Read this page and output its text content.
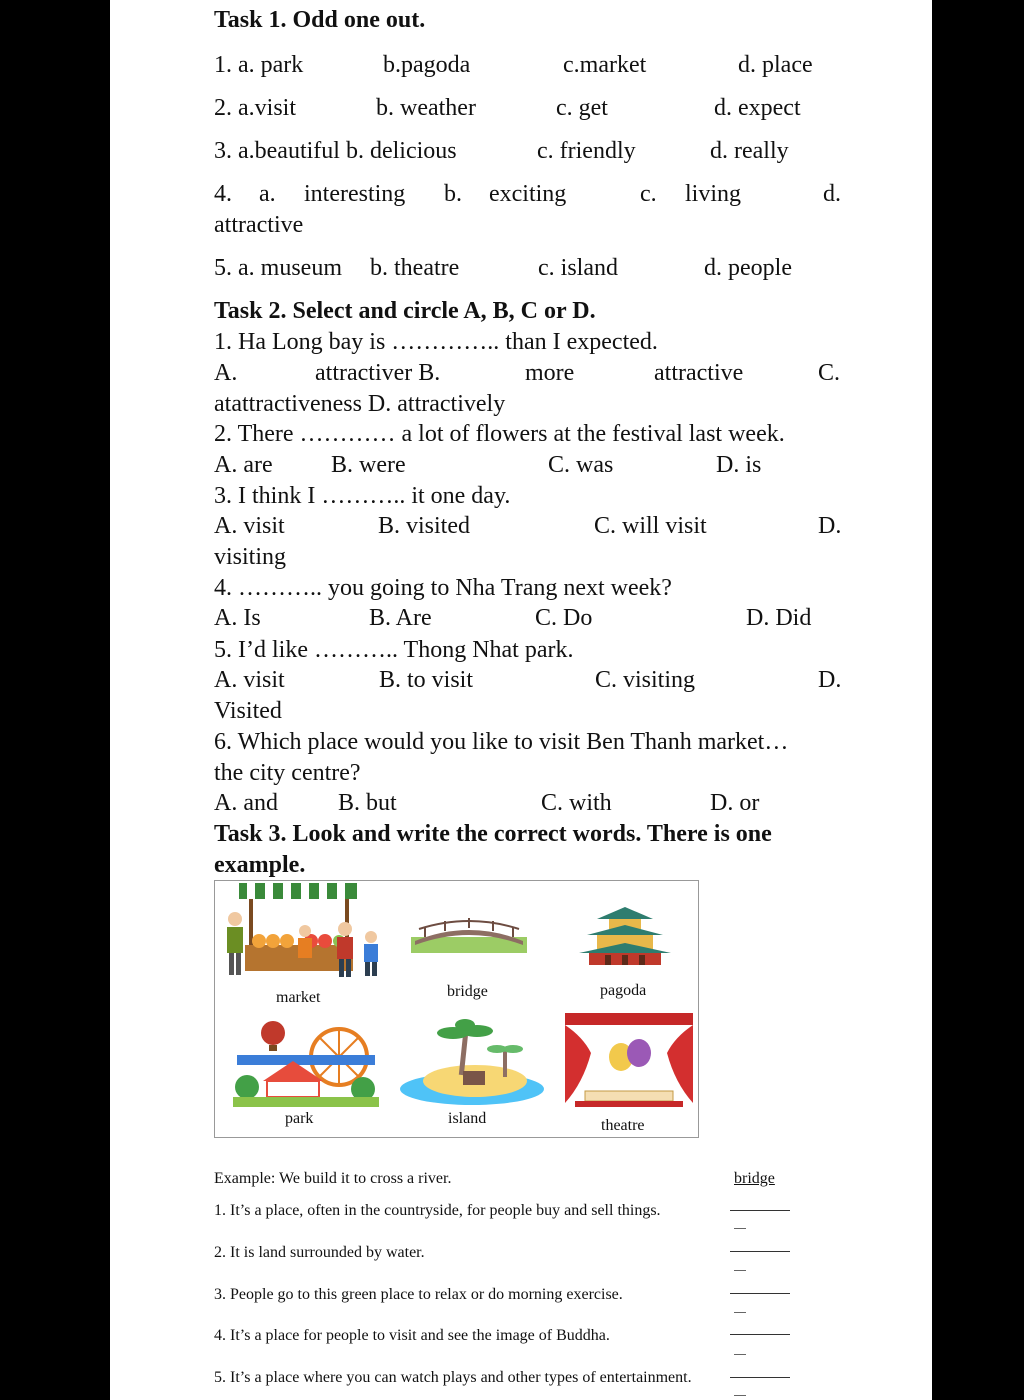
Task 1. Odd one out.
1. a. park	b.pagoda	c.market	d. place
2. a.visit	b. weather	c. get	d. expect
3. a.beautiful b. delicious	c. friendly	d. really
4. a. interesting b. exciting	c. living	d.
attractive
5. a. museum b. theatre	c. island	d. people
Task 2. Select and circle A, B, C or D.
1. Ha Long bay is ………….. than I expected.
A.	attractiver B.	more	attractive	C.
atattractiveness D. attractively
2. There ………… a lot of flowers at the festival last week.
A. are B. were	C. was	D. is
3. I think I ……….. it one day.
A. visit	B. visited	C. will visit	D.
visiting
4. ……….. you going to Nha Trang next week?
A. Is	B. Are	C. Do	D. Did
5. I’d like ……….. Thong Nhat park.
A. visit	B. to visit	C. visiting	D.
Visited
6. Which place would you like to visit Ben Thanh market…
the city centre?
A. and	B. but	C. with	D. or
Task 3. Look and write the correct words. There is one
example.
market	bridge	pagoda
park	island	theatre
Example: We build it to cross a river.	bridge
1. It’s a place, often in the countryside, for people buy and sell things.
2. It is land surrounded by water.
3. People go to this green place to relax or do morning exercise.
4. It’s a place for people to visit and see the image of Buddha.
5. It’s a place where you can watch plays and other types of entertainment.
